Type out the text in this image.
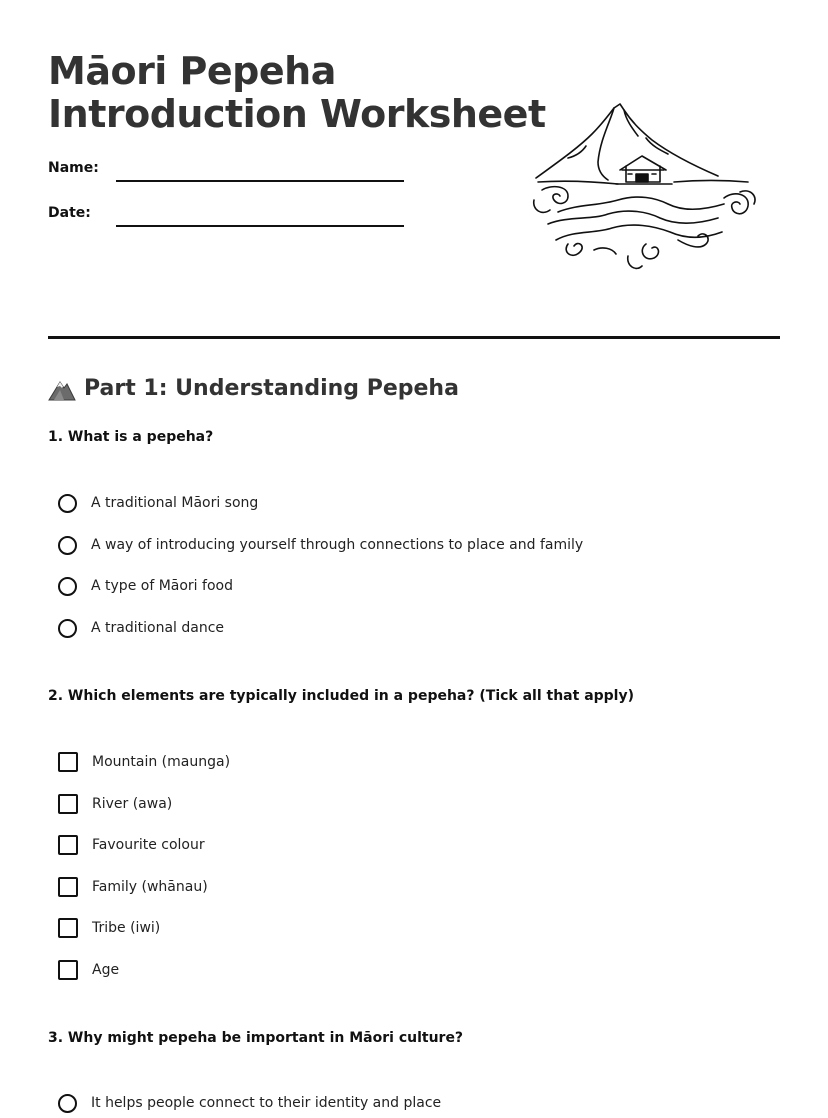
Māori Pepeha
Introduction Worksheet
Name:
Date:
Part 1: Understanding Pepeha

1. What is a pepeha?

A traditional Māori song
A way of introducing yourself through connections to place and family
A type of Māori food
A traditional dance

2. Which elements are typically included in a pepeha? (Tick all that apply)

Mountain (maunga)
River (awa)
Favourite colour
Family (whānau)
Tribe (iwi)
Age

3. Why might pepeha be important in Māori culture?

It helps people connect to their identity and place
